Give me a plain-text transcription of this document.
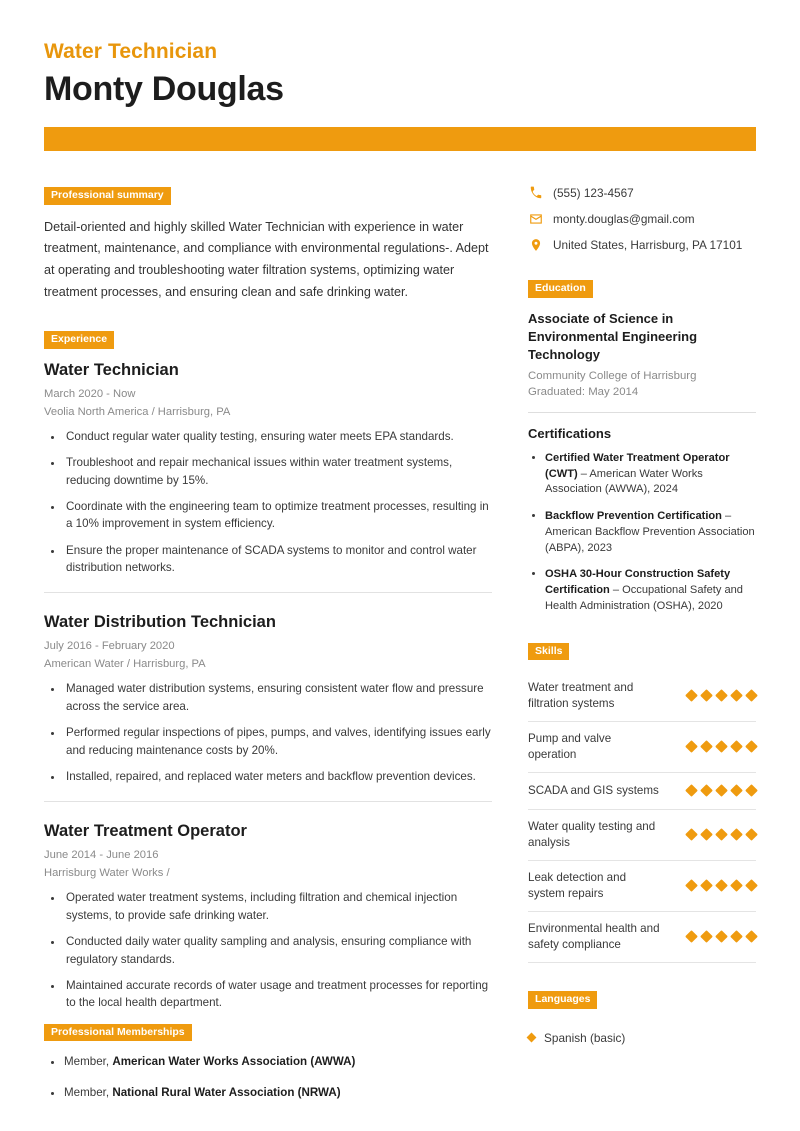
Water Technician
Monty Douglas
Professional summary

Detail-oriented and highly skilled Water Technician with experience in water treatment, maintenance, and compliance with environmental regulations-. Adept at operating and troubleshooting water filtration systems, optimizing water treatment processes, and ensuring clean and safe drinking water.

Experience
Water Technician
March 2020 - Now
Veolia North America / Harrisburg, PA
• Conduct regular water quality testing, ensuring water meets EPA standards.
• Troubleshoot and repair mechanical issues within water treatment systems, reducing downtime by 15%.
• Coordinate with the engineering team to optimize treatment processes, resulting in a 10% improvement in system efficiency.
• Ensure the proper maintenance of SCADA systems to monitor and control water distribution networks.
Water Distribution Technician
July 2016 - February 2020
American Water / Harrisburg, PA
• Managed water distribution systems, ensuring consistent water flow and pressure across the service area.
• Performed regular inspections of pipes, pumps, and valves, identifying issues early and reducing maintenance costs by 20%.
• Installed, repaired, and replaced water meters and backflow prevention devices.
Water Treatment Operator
June 2014 - June 2016
Harrisburg Water Works /
• Operated water treatment systems, including filtration and chemical injection systems, to provide safe drinking water.
• Conducted daily water quality sampling and analysis, ensuring compliance with regulatory standards.
• Maintained accurate records of water usage and treatment processes for reporting to the local health department.
Professional Memberships
• Member, American Water Works Association (AWWA)
• Member, National Rural Water Association (NRWA)
(555) 123-4567
monty.douglas@gmail.com
United States, Harrisburg, PA 17101
Education
Associate of Science in Environmental Engineering Technology
Community College of Harrisburg
Graduated: May 2014
Certifications
• Certified Water Treatment Operator (CWT) – American Water Works Association (AWWA), 2024
• Backflow Prevention Certification – American Backflow Prevention Association (ABPA), 2023
• OSHA 30-Hour Construction Safety Certification – Occupational Safety and Health Administration (OSHA), 2020
Skills
Water treatment and filtration systems
Pump and valve operation
SCADA and GIS systems
Water quality testing and analysis
Leak detection and system repairs
Environmental health and safety compliance
Languages
Spanish (basic)
